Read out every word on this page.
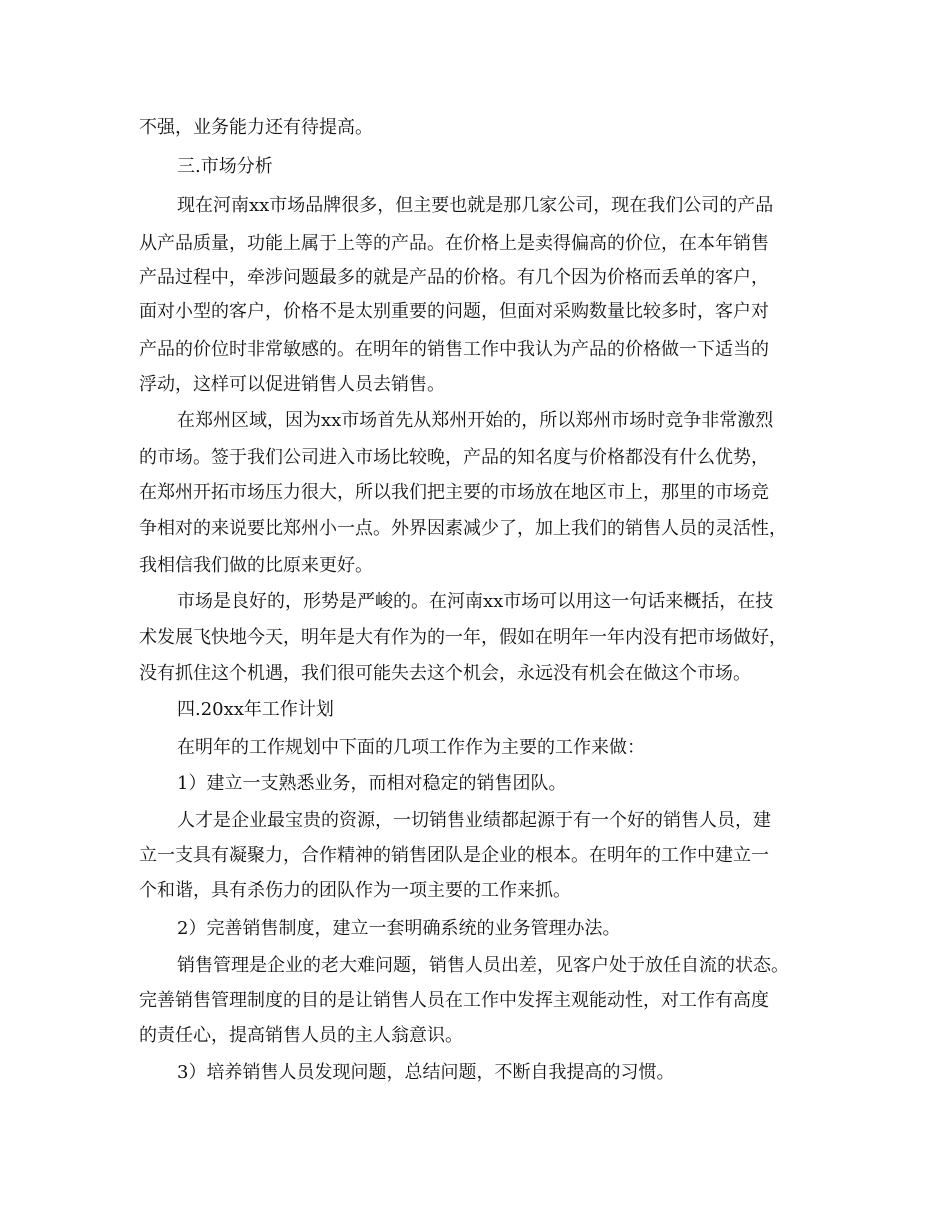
不强，业务能力还有待提高。
三.市场分析
现在河南xx市场品牌很多，但主要也就是那几家公司，现在我们公司的产品
从产品质量，功能上属于上等的产品。在价格上是卖得偏高的价位，在本年销售
产品过程中，牵涉问题最多的就是产品的价格。有几个因为价格而丢单的客户，
面对小型的客户，价格不是太别重要的问题，但面对采购数量比较多时，客户对
产品的价位时非常敏感的。在明年的销售工作中我认为产品的价格做一下适当的
浮动，这样可以促进销售人员去销售。
在郑州区域，因为xx市场首先从郑州开始的，所以郑州市场时竞争非常激烈
的市场。签于我们公司进入市场比较晚，产品的知名度与价格都没有什么优势，
在郑州开拓市场压力很大，所以我们把主要的市场放在地区市上，那里的市场竞
争相对的来说要比郑州小一点。外界因素减少了，加上我们的销售人员的灵活性，
我相信我们做的比原来更好。
市场是良好的，形势是严峻的。在河南xx市场可以用这一句话来概括，在技
术发展飞快地今天，明年是大有作为的一年，假如在明年一年内没有把市场做好，
没有抓住这个机遇，我们很可能失去这个机会，永远没有机会在做这个市场。
四.20xx年工作计划
在明年的工作规划中下面的几项工作作为主要的工作来做：
1）建立一支熟悉业务，而相对稳定的销售团队。
人才是企业最宝贵的资源，一切销售业绩都起源于有一个好的销售人员，建
立一支具有凝聚力，合作精神的销售团队是企业的根本。在明年的工作中建立一
个和谐，具有杀伤力的团队作为一项主要的工作来抓。
2）完善销售制度，建立一套明确系统的业务管理办法。
销售管理是企业的老大难问题，销售人员出差，见客户处于放任自流的状态。
完善销售管理制度的目的是让销售人员在工作中发挥主观能动性，对工作有高度
的责任心，提高销售人员的主人翁意识。
3）培养销售人员发现问题，总结问题，不断自我提高的习惯。
